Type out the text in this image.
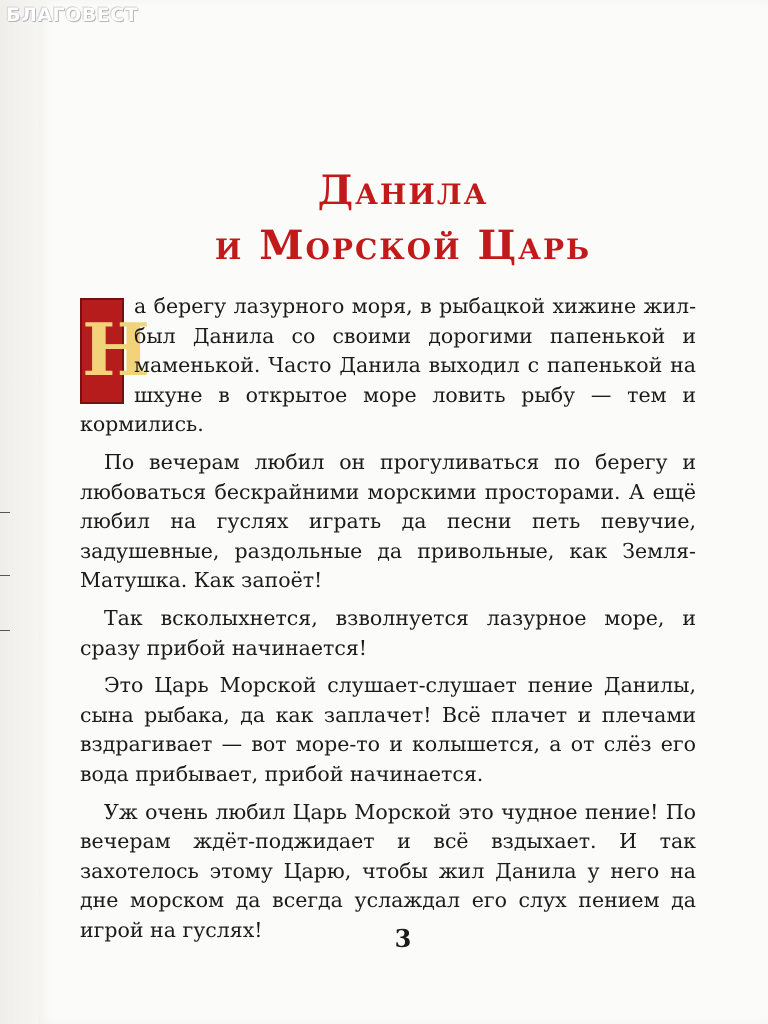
БЛАГОВЕСТ
Данила
и Морской Царь

Н
а берегу лазурного моря, в рыбацкой хижине жил-был Данила со своими дорогими папенькой и маменькой. Часто Данила выходил с папенькой на шхуне в открытое море ловить рыбу — тем и кормились.

По вечерам любил он прогуливаться по берегу и любоваться бескрайними морскими просторами. А ещё любил на гуслях играть да песни петь певучие, задушевные, раздольные да привольные, как Земля-Матушка. Как запоёт!

Так всколыхнется, взволнуется лазурное море, и сразу прибой начинается!

Это Царь Морской слушает-слушает пение Данилы, сына рыбака, да как заплачет! Всё плачет и плечами вздрагивает — вот море-то и колышется, а от слёз его вода прибывает, прибой начинается.

Уж очень любил Царь Морской это чудное пение! По вечерам ждёт-поджидает и всё вздыхает. И так захотелось этому Царю, чтобы жил Данила у него на дне морском да всегда услаждал его слух пением да игрой на гуслях!	3
